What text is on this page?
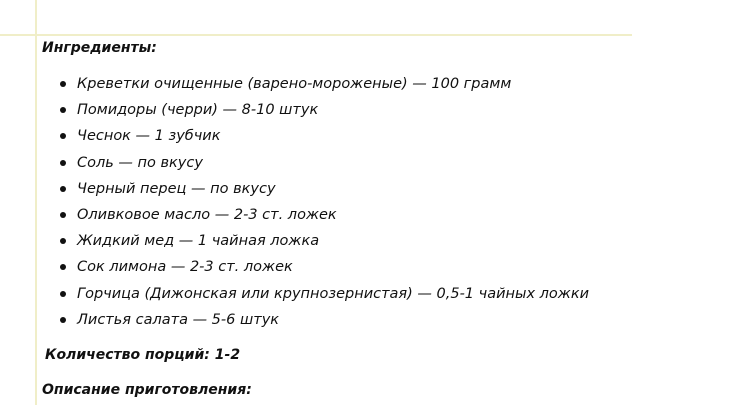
Ингредиенты:
Креветки очищенные (варено-мороженые) — 100 грамм
Помидоры (черри) — 8-10 штук
Чеснок — 1 зубчик
Соль — по вкусу
Черный перец — по вкусу
Оливковое масло — 2-3 ст. ложек
Жидкий мед — 1 чайная ложка
Сок лимона — 2-3 ст. ложек
Горчица (Дижонская или крупнозернистая) — 0,5-1 чайных ложки
Листья салата — 5-6 штук
Количество порций: 1-2
Описание приготовления:
